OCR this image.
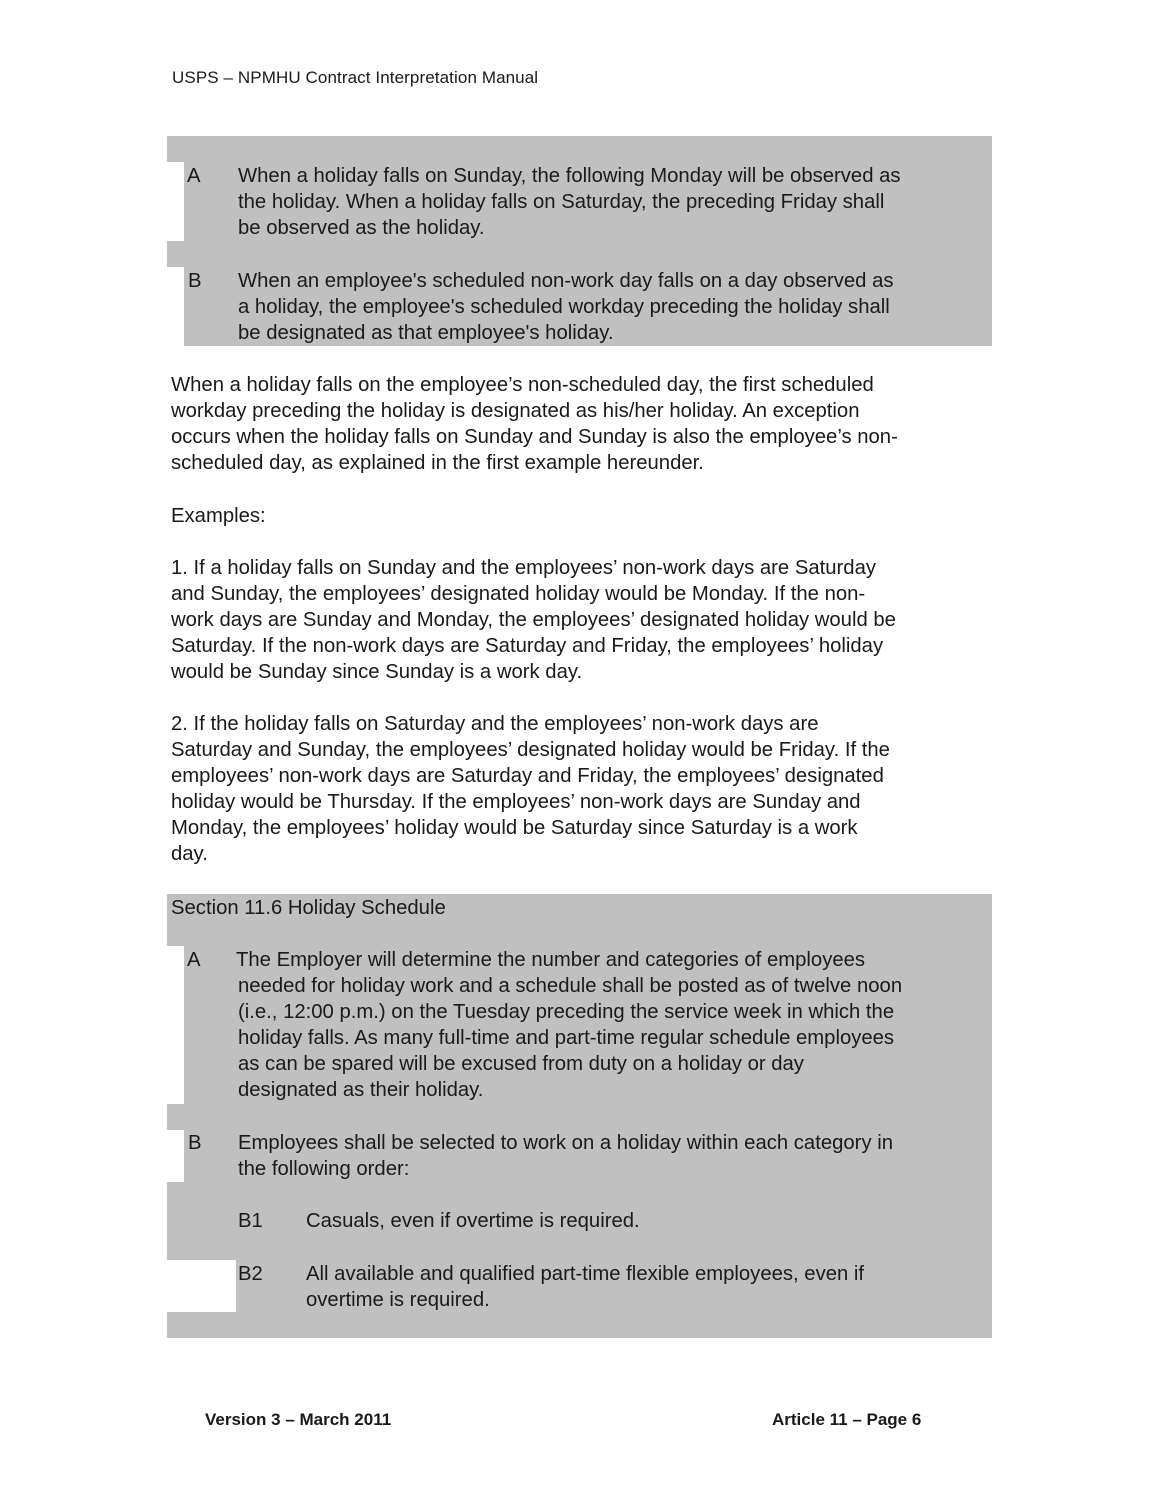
USPS – NPMHU Contract Interpretation Manual
A When a holiday falls on Sunday, the following Monday will be observed as
the holiday. When a holiday falls on Saturday, the preceding Friday shall
be observed as the holiday.
B When an employee's scheduled non-work day falls on a day observed as
a holiday, the employee's scheduled workday preceding the holiday shall
be designated as that employee's holiday.
When a holiday falls on the employee’s non-scheduled day, the first scheduled
workday preceding the holiday is designated as his/her holiday. An exception
occurs when the holiday falls on Sunday and Sunday is also the employee’s non-
scheduled day, as explained in the first example hereunder.
Examples:
1. If a holiday falls on Sunday and the employees’ non-work days are Saturday
and Sunday, the employees’ designated holiday would be Monday. If the non-
work days are Sunday and Monday, the employees’ designated holiday would be
Saturday. If the non-work days are Saturday and Friday, the employees’ holiday
would be Sunday since Sunday is a work day.
2. If the holiday falls on Saturday and the employees’ non-work days are
Saturday and Sunday, the employees’ designated holiday would be Friday. If the
employees’ non-work days are Saturday and Friday, the employees’ designated
holiday would be Thursday. If the employees’ non-work days are Sunday and
Monday, the employees’ holiday would be Saturday since Saturday is a work
day.
Section 11.6 Holiday Schedule
A The Employer will determine the number and categories of employees
needed for holiday work and a schedule shall be posted as of twelve noon
(i.e., 12:00 p.m.) on the Tuesday preceding the service week in which the
holiday falls. As many full-time and part-time regular schedule employees
as can be spared will be excused from duty on a holiday or day
designated as their holiday.
B Employees shall be selected to work on a holiday within each category in
the following order:
B1 Casuals, even if overtime is required.
B2 All available and qualified part-time flexible employees, even if
overtime is required.
Version 3 – March 2011	Article 11 – Page 6
